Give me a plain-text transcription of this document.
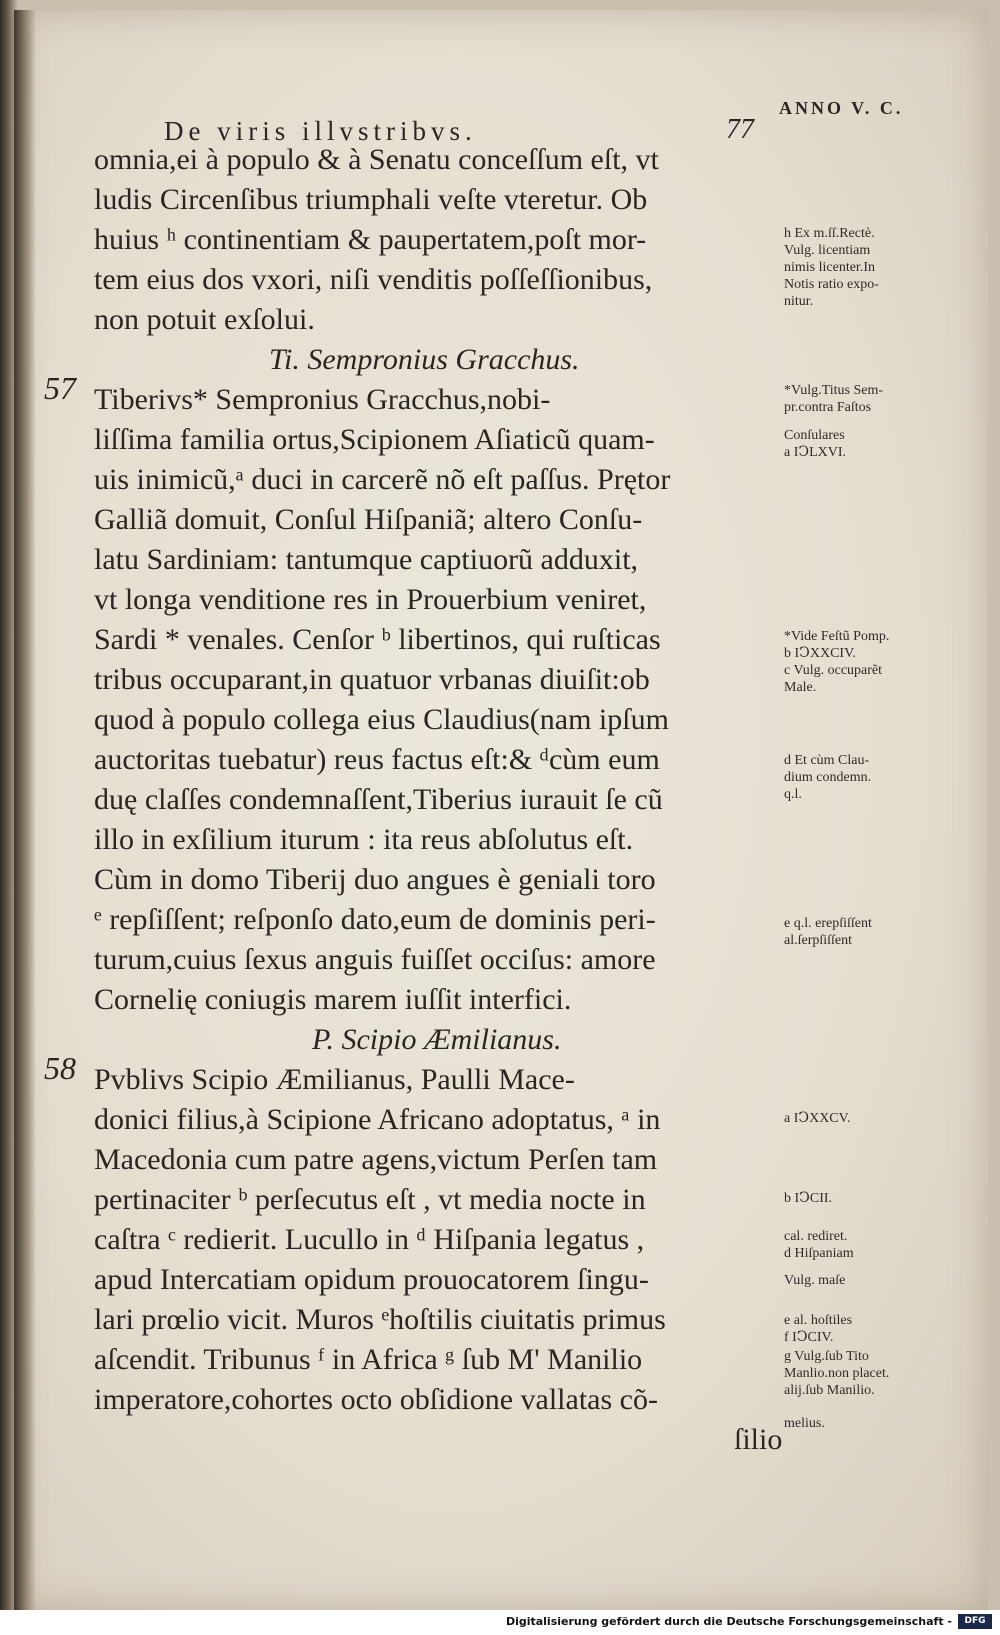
De viris illvstribvs.	77
ANNO V. C.
omnia,ei à populo & à Senatu conceſſum eſt, vt
ludis Circenſibus triumphali veſte vteretur. Ob
huius ʰ continentiam & paupertatem,poſt mor-
tem eius dos vxori, niſi venditis poſſeſſionibus,
non potuit exſolui.
Ti. Sempronius Gracchus.
Tiberivs* Sempronius Gracchus,nobi-
liſſima familia ortus,Scipionem Aſiaticũ quam-
uis inimicũ,ᵃ duci in carcerẽ nõ eſt paſſus. Prętor
Galliã domuit, Conſul Hiſpaniã; altero Conſu-
latu Sardiniam: tantumque captiuorũ adduxit,
vt longa venditione res in Prouerbium veniret,
Sardi * venales. Cenſor ᵇ libertinos, qui ruſticas
tribus occuparant,in quatuor vrbanas diuiſit:ob
quod à populo collega eius Claudius(nam ipſum
auctoritas tuebatur) reus factus eſt:& ᵈcùm eum
duę claſſes condemnaſſent,Tiberius iurauit ſe cũ
illo in exſilium iturum : ita reus abſolutus eſt.
Cùm in domo Tiberij duo angues è geniali toro
ᵉ repſiſſent; reſponſo dato,eum de dominis peri-
turum,cuius ſexus anguis fuiſſet occiſus: amore
Cornelię coniugis marem iuſſit interfici.
P. Scipio Æmilianus.
Pvblivs Scipio Æmilianus, Paulli Mace-
donici filius,à Scipione Africano adoptatus, ᵃ in
Macedonia cum patre agens,victum Perſen tam
pertinaciter ᵇ perſecutus eſt , vt media nocte in
caſtra ᶜ redierit. Lucullo in ᵈ Hiſpania legatus ,
apud Intercatiam opidum prouocatorem ſingu-
lari prœlio vicit. Muros ᵉhoſtilis ciuitatis primus
aſcendit. Tribunus ᶠ in Africa ᵍ ſub M' Manilio
imperatore,cohortes octo obſidione vallatas cõ-
ſilio
57
58
h Ex m.ſſ.Rectè.
Vulg. licentiam
nimis licenter.In
Notis ratio expo-
nitur.
*Vulg.Titus Sem-
pr.contra Faſtos
Conſulares
a IↃLXVI.
*Vide Feſtũ Pomp.
b IↃXXCIV.
c Vulg. occuparẽt
Male.
d Et cùm Clau-
dium condemn.
q.l.
e q.l. erepſiſſent
al.ſerpſiſſent
a IↃXXCV.
b IↃCII.
cal. rediret.
d Hiſpaniam
Vulg. maſe
e al. hoſtiles
f IↃCIV.
g Vulg.ſub Tito
Manlio.non placet.
alij.ſub Manilio.
melius.
Digitalisierung gefördert durch die Deutsche Forschungsgemeinschaft -	DFG
